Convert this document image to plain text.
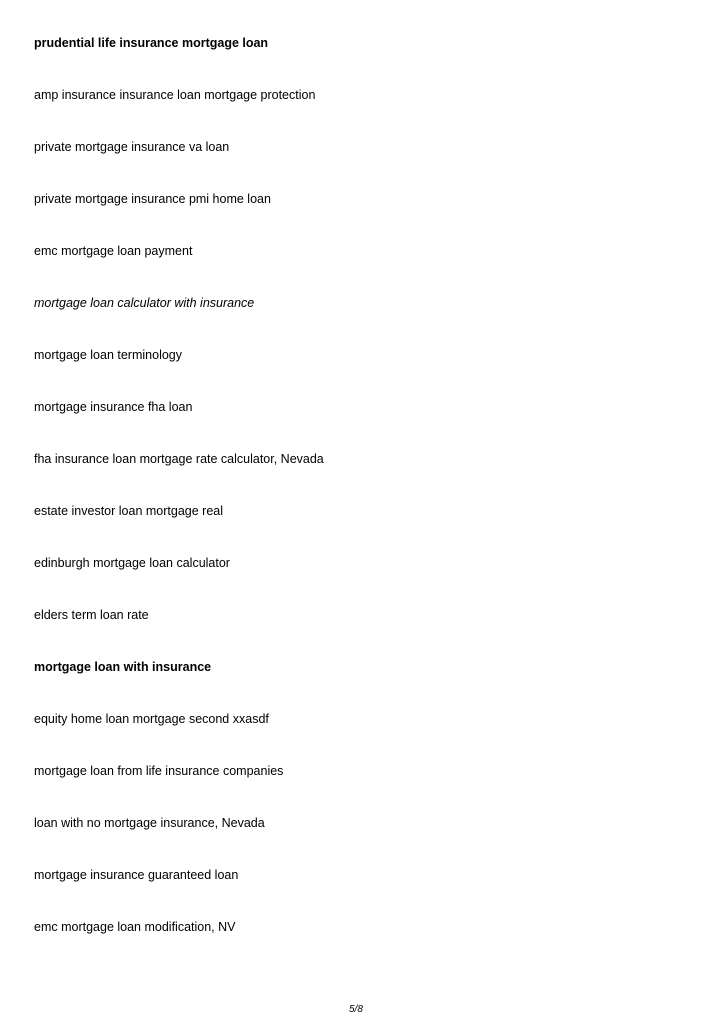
prudential life insurance mortgage loan
amp insurance insurance loan mortgage protection
private mortgage insurance va loan
private mortgage insurance pmi home loan
emc mortgage loan payment
mortgage loan calculator with insurance
mortgage loan terminology
mortgage insurance fha loan
fha insurance loan mortgage rate calculator, Nevada
estate investor loan mortgage real
edinburgh mortgage loan calculator
elders term loan rate
mortgage loan with insurance
equity home loan mortgage second xxasdf
mortgage loan from life insurance companies
loan with no mortgage insurance, Nevada
mortgage insurance guaranteed loan
emc mortgage loan modification, NV
5/8
